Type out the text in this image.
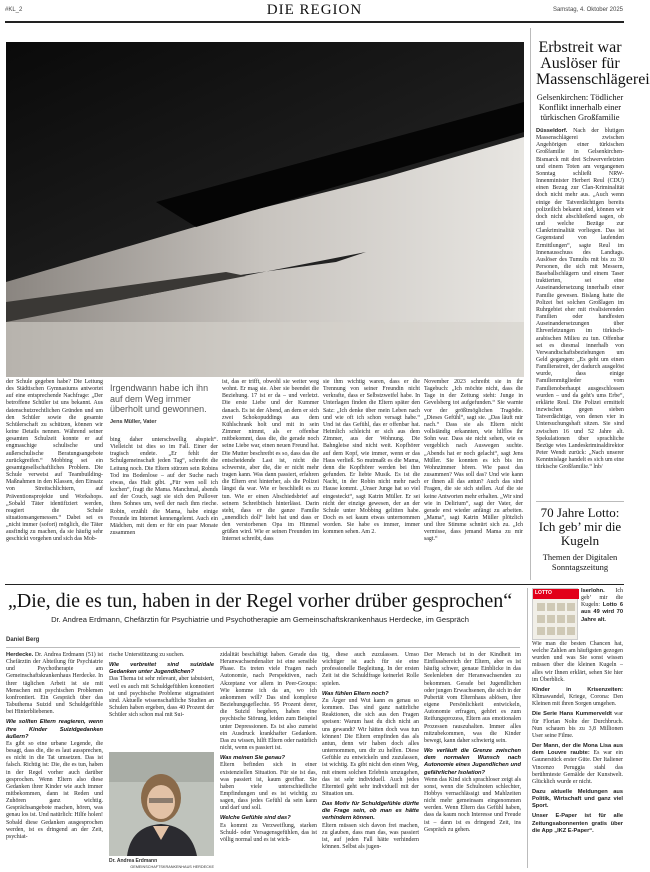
#KL_2	DIE REGION	Samstag, 4. Oktober 2025

der Schule gegeben habe? Die Leitung des Städtischen Gymnasiums antwortet auf eine entsprechende Nachfrage: „Der betroffene Schüler ist uns bekannt. Aus datenschutzrechtlichen Gründen und um den Schüler sowie die gesamte Schülerschaft zu schützen, können wir keine Details nennen. Während seiner gesamten Schulzeit konnte er auf engmaschige schulische und außerschulische Beratungsangebote zurückgreifen.“ Mobbing sei ein gesamtgesellschaftliches Problem. Die Schule verweist auf Teambuilding-Maßnahmen in den Klassen, den Einsatz von Streitschlichtern, auf Präventionsprojekte und Workshops. „Sobald Täter identifiziert werden, reagiert die Schule situationsangemessen.“ Dabei sei es „nicht immer (sofort) möglich, die Täter ausfindig zu machen, da sie häufig sehr geschickt vorgehen und sich das Mob-

Irgendwann habe ich ihn auf dem Weg immer überholt und gewonnen.
Jens Müller, Vater

bing daher unterschwellig abspielt“. Vielleicht ist dies so im Fall. Einer der tragisch endete. „Er fehlt der Schulgemeinschaft jeden Tag“, schreibt die Leitung noch. Die Eltern stürzen sein Robins Tod ins Bodenlose – auf der Suche nach etwas, das Halt gibt. „Für wen soll ich kochen“, fragt die Mama. Manchmal, abends auf der Couch, sagt sie sich den Pullover ihres Sohnes um, weil der nach ihm rieche. Robin, erzählt die Mama, habe einige Freunde im Internet kennengelernt. Auch ein Mädchen, mit dem er für ein paar Monate zusammen

ist, das er trifft, obwohl sie weiter weg wohnt. Er mag sie. Aber sie beendet die Beziehung. 17 ist er da – und verletzt. Die erste Liebe und der Kummer danach. Es ist der Abend, an dem er sich zwei Schokopuddings aus dem Kühlschrank holt und mit in sein Zimmer nimmt, als er offenbar mitbekommt, dass die, die gerade noch seine Liebe war, einen neuen Freund hat. Die Mutter beschreibt es so, dass das die entscheidende Last ist, nicht die schwerste, aber die, die er nicht mehr tragen kann. Was dann passiert, erfahren die Eltern erst hinterher, als die Polizei längst da war. Wie er beschließt es zu tun. Wie er einen Abschiedsbrief auf seinem Schreibtisch hinterlässt. Darin steht, dass er die ganze Familie „unendlich doll“ liebt hat und dass er den verstorbenen Opa im Himmel grüßen wird. Wie er seinen Freunden im Internet schreibt, dass

sie ihm wichtig waren, dass er die Trennung von seiner Freundin nicht verkrafte, dass er Selbstzweifel habe. In Unterlagen finden die Eltern später den Satz: „Ich denke über mein Leben nach und wie oft ich schon versagt habe.“ Und ist das Gefühl, das er offenbar hat. Heimlich schleicht er sich aus dem Zimmer, aus der Wohnung. Die Bahngleise sind nicht weit. Kopfhörer auf dem Kopf, wie immer, wenn er das Haus verließ. So mutmaßt es die Mama, denn die Kopfhörer werden bei ihm gefunden. Er liebte Musik. Es ist die Nacht, in der Robin nicht mehr nach Hause kommt. „Unser Junge hat so viel eingesteckt“, sagt Katrin Müller. Er sei nicht der einzige gewesen, der an der Schule unter Mobbing gelitten habe. Doch es sei kaum etwas unternommen worden. Sie habe es immer, immer kommen sehen. Am 2.

November 2023 schreibt sie in ihr Tagebuch: „Ich möchte nicht, dass die Tage in der Zeitung steht: Junge in Gevelsberg tot aufgefunden.“ Sie warnte vor der größtmöglichen Tragödie. „Dieses Gefühl“, sagt sie. „Das läuft mir nach.“ Dass sie als Eltern nicht vollständig erkannten, wie hilflos ihr Sohn war. Dass sie nicht sehen, wie es vergeblich nach Auswegen suchte. „Abends hat er noch gelacht“, sagt Jens Müller. Sie konnten es ich bis im Wohnzimmer hören. Wie passt das zusammen? Was soll das? Und wie kann er ihnen all das antun? Auch das sind Fragen, die sie sich stellen. Auf die sie keine Antworten mehr erhalten. „Wir sind wie in Delirium“, sagt der Vater, der gerade erst wieder anfängt zu arbeiten. „Mama“, sagt Katrin Müller plötzlich und ihre Stimme schnürt sich zu. „Ich vermisse, dass jemand Mama zu mir sagt.“

Erbstreit war Auslöser für Massenschlägerei
Gelsenkirchen: Tödlicher Konflikt innerhalb einer türkischen Großfamilie

Düsseldorf. Nach der blutigen Massenschlägerei zwischen Angehörigen einer türkischen Großfamilie in Gelsenkirchen-Bismarck mit drei Schwerverletzten und einem Toten am vergangenen Sonntag schließt NRW-Innenminister Herbert Reul (CDU) einen Bezug zur Clan-Kriminalität doch nicht mehr aus. „Auch wenn einige der Tatverdächtigen bereits polizeilich bekannt sind, können wir doch nicht abschließend sagen, ob und welche Bezüge zur Clankriminalität vorliegen. Das ist Gegenstand von laufenden Ermittlungen“, sagte Reul im Innenausschuss des Landtags. Auslöser des Tumults mit bis zu 30 Personen, die sich mit Messern, Baseballschlägern und einem Taser traktierten, sei eine Auseinandersetzung innerhalb einer Familie gewesen. Bislang hatte die Polizei bei solchen Großlagen im Ruhrgebiet eher mit rivalisierenden Familien oder handfesten Auseinandersetzungen über Ehrverletzungen im türkisch-arabischen Milieu zu tun. Offenbar sei es diesmal innerhalb von Verwandtschaftsbeziehungen um Geld gegangen: „Es geht um einen Familienstreit, der dadurch ausgelöst wurde, dass einige Familienmitglieder vom Familienoberhaupt ausgeschlossen wurden – und da geht's ums Erbe“, erklärte Reul. Die Polizei ermittelt inzwischen gegen sieben Tatverdächtige, von denen vier in Untersuchungshaft sitzen. Sie sind zwischen 16 und 52 Jahre alt. Spekulationen über sprachliche Bezüge wies Landeskriminaldirektor Peter Wendt zurück: „Nach unserer Kenntnislage handelt es sich um eine türkische Großfamilie.“ lnb/

70 Jahre Lotto: Ich geb’ mir die Kugeln
Themen der Digitalen Sonntagszeitung
„Die, die es tun, haben in der Regel vorher drüber gesprochen“
Dr. Andrea Erdmann, Chefärztin für Psychiatrie und Psychotherapie am Gemeinschaftskrankenhaus Herdecke, im Gespräch
Daniel Berg

Herdecke. Dr. Andrea Erdmann (51) ist Chefärztin der Abteilung für Psychiatrie und Psychotherapie am Gemeinschaftskrankenhaus Herdecke. In ihrer täglichen Arbeit ist sie mit Menschen mit psychischen Problemen konfrontiert. Ein Gespräch über das Tabuthema Suizid und Schuldgefühle bei Hinterbliebenen.

Wie sollten Eltern reagieren, wenn ihre Kinder Suizidgedanken äußern?

Es gibt so eine urbane Legende, die besagt, dass die, die es laut aussprechen, es nicht in die Tat umsetzen. Das ist falsch. Richtig ist: Die, die es tun, haben in der Regel vorher auch darüber gesprochen. Wenn Eltern also diese Gedanken ihrer Kinder wie auch immer mitbekommen, dann ist Reden und Zuhören ganz wichtig. Gesprächsangebote machen, hören, was genau los ist. Und natürlich: Hilfe holen! Sobald diese Gedanken ausgesprochen werden, ist es dringend an der Zeit, psychiat-

rische Unterstützung zu suchen.

Wie verbreitet sind suizidale Gedanken unter Jugendlichen?

Das Thema ist sehr relevant, aber tabuisiert, weil es auch mit Schuldgefühlen konnotiert ist und psychische Probleme stigmatisiert sind. Aktuelle wissenschaftliche Studien an Schulen haben ergeben, dass 40 Prozent der Schüler sich schon mal mit Sui-

Dr. Andrea Erdmann
GEMEINSCHAFTSKRANKENHAUS HERDECKE

zidalität beschäftigt haben. Gerade das Heranwachsendenalter ist eine sensible Phase. Es treten viele Fragen nach Autonomie, nach Perspektiven, nach Akzeptanz vor allem in Peer-Groups: Wie komme ich da an, wo ich ankommen will? Das sind komplexe Beziehungsgeflechte. 95 Prozent derer, die Suizid begehen, haben eine psychische Störung, leiden zum Beispiel unter Depressionen. Es ist also zumeist ein Ausdruck krankhafter Gedanken. Das zu wissen, hilft Eltern oder natürlich nicht, wenn es passiert ist.

Was meinen Sie genau?

Eltern befinden sich in einer existenziellen Situation. Für sie ist das, was passiert ist, kaum greifbar. Sie haben viele unterschiedliche Empfindungen und es ist wichtig zu sagen, dass jedes Gefühl da sein kann und darf und soll.

Welche Gefühle sind das?

Es kommt zu Verzweiflung, starken Schuld- oder Versagensgefühlen, das ist völlig normal und es ist wich-

tig, diese auch zuzulassen. Umso wichtiger ist auch für sie eine professionelle Begleitung. In der ersten Zeit ist die Schuldfrage keinerlei Rolle spielen.

Was fühlen Eltern noch?

Zu Ärger und Wut kann es genau so kommen. Das sind ganz natürliche Reaktionen, die sich aus den Fragen speisen: Warum hast du dich nicht an uns gewandt? Wir hätten doch was tun können! Die Eltern empfinden das als antun, denn wir haben doch alles unternommen, um dir zu helfen. Diese Gefühle zu entwickeln und zuzulassen, ist wichtig. Es gibt nicht den einen Weg, mit einem solchen Erlebnis umzugehen, das ist sehr individuell. Auch jedes Elternteil geht sehr individuell mit der Situation um.

Das Motiv für Schuldgefühle dürfte die Frage sein, ob man es hätte verhindern können.

Eltern müssen sich davon frei machen, zu glauben, dass man das, was passiert ist, auf jeden Fall hätte verhindern können. Selbst als jugen-

Der Mensch ist in der Kindheit im Einflussbereich der Eltern, aber es ist häufig schwer, genaue Einblicke in das Seelenleben der Heranwachsenden zu bekommen. Gerade bei Jugendlichen oder jungen Erwachsenen, die sich in der Pubertät vom Elternhaus ablösen, ihre eigene Persönlichkeit entwickeln, Autonomie erfragen, gehört es zum Reifungsprozess, Eltern aus emotionalen Prozessen rauszuhalten. Immer alles mitzubekommen, was die Kinder bewegt, kann daher schwierig sein.

Wo verläuft die Grenze zwischen dem normalen Wunsch nach Autonomie eines Jugendlichen und gefährlicher Isolation?

Wenn das Kind sich sprachloser zeigt als sonst, wenn die Schulnoten schlechter, Hobbys vernachlässigt und Mahlzeiten nicht mehr gemeinsam eingenommen werden. Wenn Eltern das Gefühl haben, dass da kaum noch Interesse und Freude ist – dann ist es dringend Zeit, ins Gespräch zu gehen.

LOTTO	Iserlohn. Ich geb’ mir die Kugeln: Lotto 6 aus 49 wird 70 Jahre alt.

Wie man die besten Chancen hat, welche Zahlen am häufigsten gezogen wurden und was Sie sonst wissen müssen über die kleinen Kugeln – alles wir Ihnen erklärt, sehen Sie hier im Überblick.

Kinder in Krisenzeiten: Klimawandel, Kriege, Corona: Den Kleinen mit ihren Sorgen umgehen.

Die Serie Hans Kummerveldt war für Florian Nolte der Durchbruch. Nun schauen bis zu 3,8 Millionen User seine Filme.

Der Mann, der die Mona Lisa aus dem Louvre raubte: Es war ein Gaunerstück erster Güte. Der Italiener Vincenzo Peruggia stahl das berühmteste Gemälde der Kunstwelt. Glücklich wurde er nicht.

Dazu aktuelle Meldungen aus Politik, Wirtschaft und ganz viel Sport.

Unser E-Paper ist für alle Zeitungsabonnenten gratis über die App „IKZ E-Paper“.
